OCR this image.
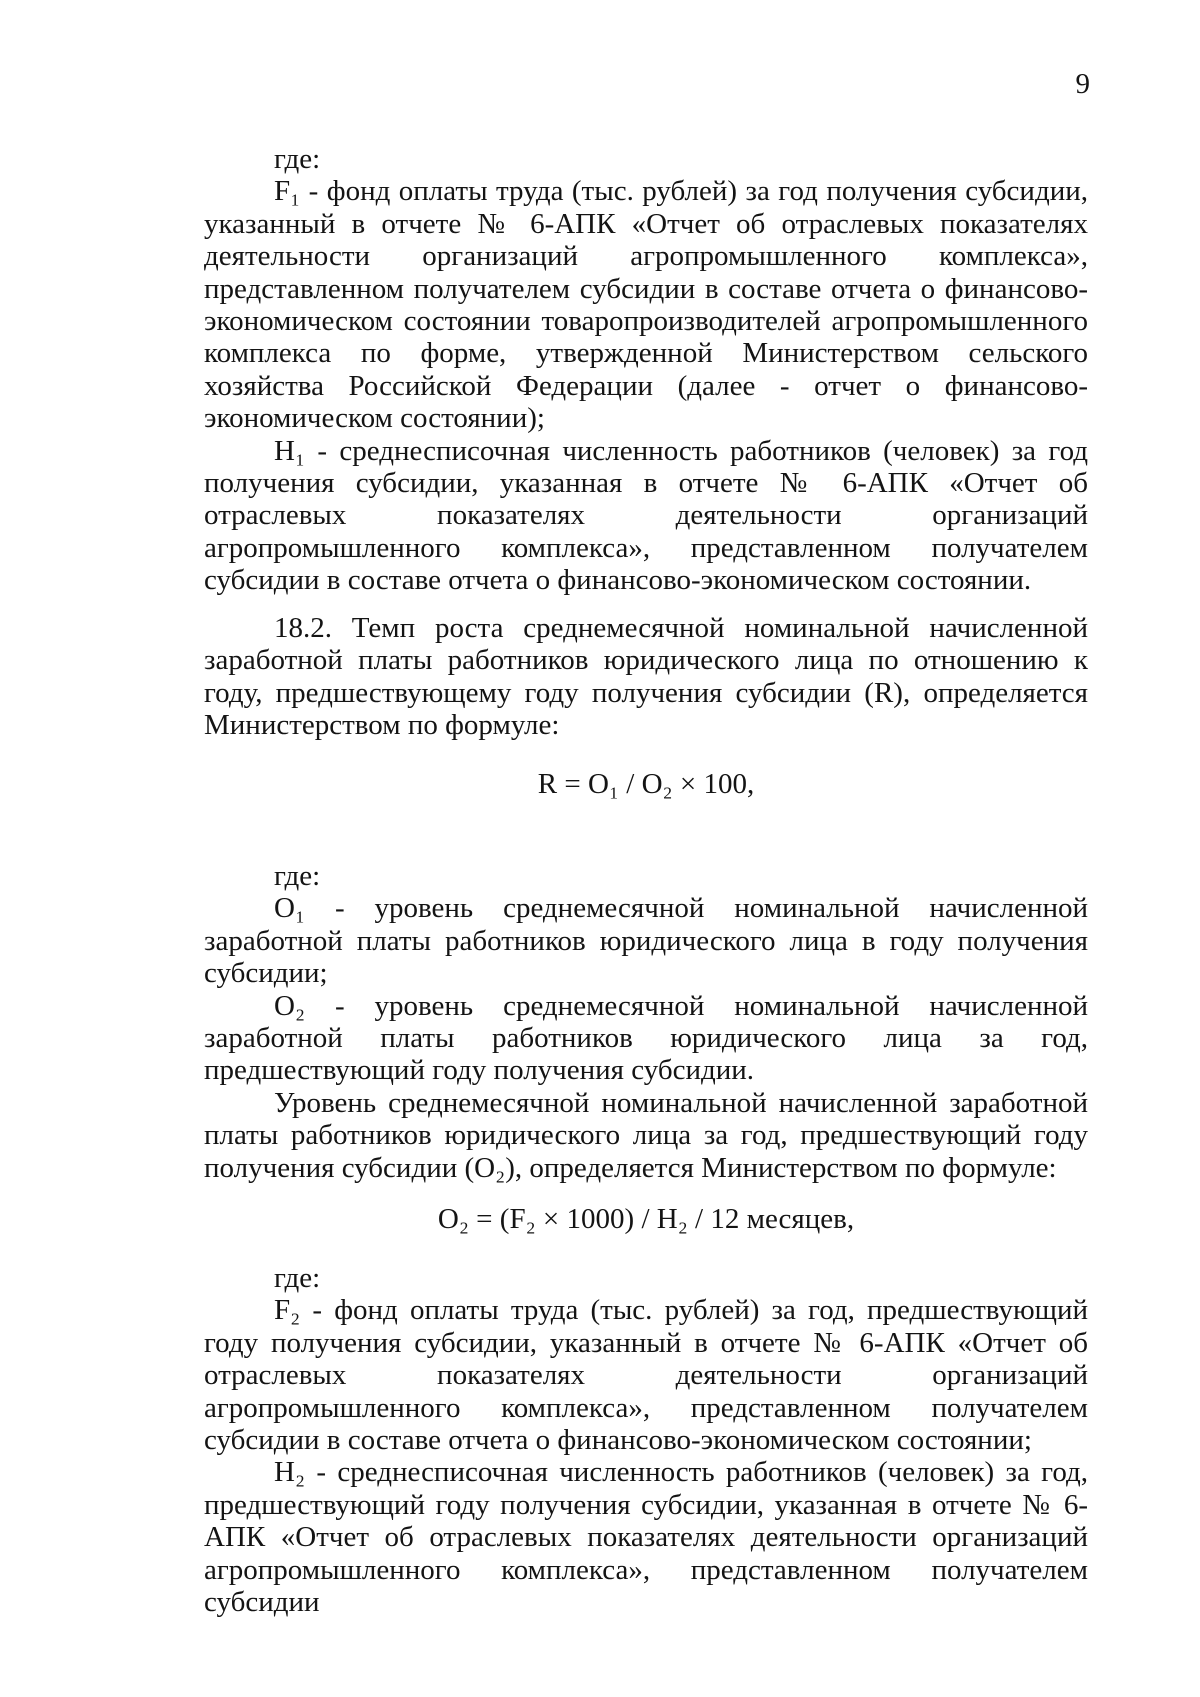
9

где:

F₁ - фонд оплаты труда (тыс. рублей) за год получения субсидии, указанный в отчете № 6-АПК «Отчет об отраслевых показателях деятельности организаций агропромышленного комплекса», представленном получателем субсидии в составе отчета о финансово-экономическом состоянии товаропроизводителей агропромышленного комплекса по форме, утвержденной Министерством сельского хозяйства Российской Федерации (далее - отчет о финансово-экономическом состоянии);

H₁ - среднесписочная численность работников (человек) за год получения субсидии, указанная в отчете № 6-АПК «Отчет об отраслевых показателях деятельности организаций агропромышленного комплекса», представленном получателем субсидии в составе отчета о финансово-экономическом состоянии.

18.2. Темп роста среднемесячной номинальной начисленной заработной платы работников юридического лица по отношению к году, предшествующему году получения субсидии (R), определяется Министерством по формуле:

R = O₁ / O₂ × 100,

где:

O₁ - уровень среднемесячной номинальной начисленной заработной платы работников юридического лица в году получения субсидии;

O₂ - уровень среднемесячной номинальной начисленной заработной платы работников юридического лица за год, предшествующий году получения субсидии.

Уровень среднемесячной номинальной начисленной заработной платы работников юридического лица за год, предшествующий году получения субсидии (O₂), определяется Министерством по формуле:

O₂ = (F₂ × 1000) / H₂ / 12 месяцев,

где:

F₂ - фонд оплаты труда (тыс. рублей) за год, предшествующий году получения субсидии, указанный в отчете № 6-АПК «Отчет об отраслевых показателях деятельности организаций агропромышленного комплекса», представленном получателем субсидии в составе отчета о финансово-экономическом состоянии;

H₂ - среднесписочная численность работников (человек) за год, предшествующий году получения субсидии, указанная в отчете № 6-АПК «Отчет об отраслевых показателях деятельности организаций агропромышленного комплекса», представленном получателем субсидии
